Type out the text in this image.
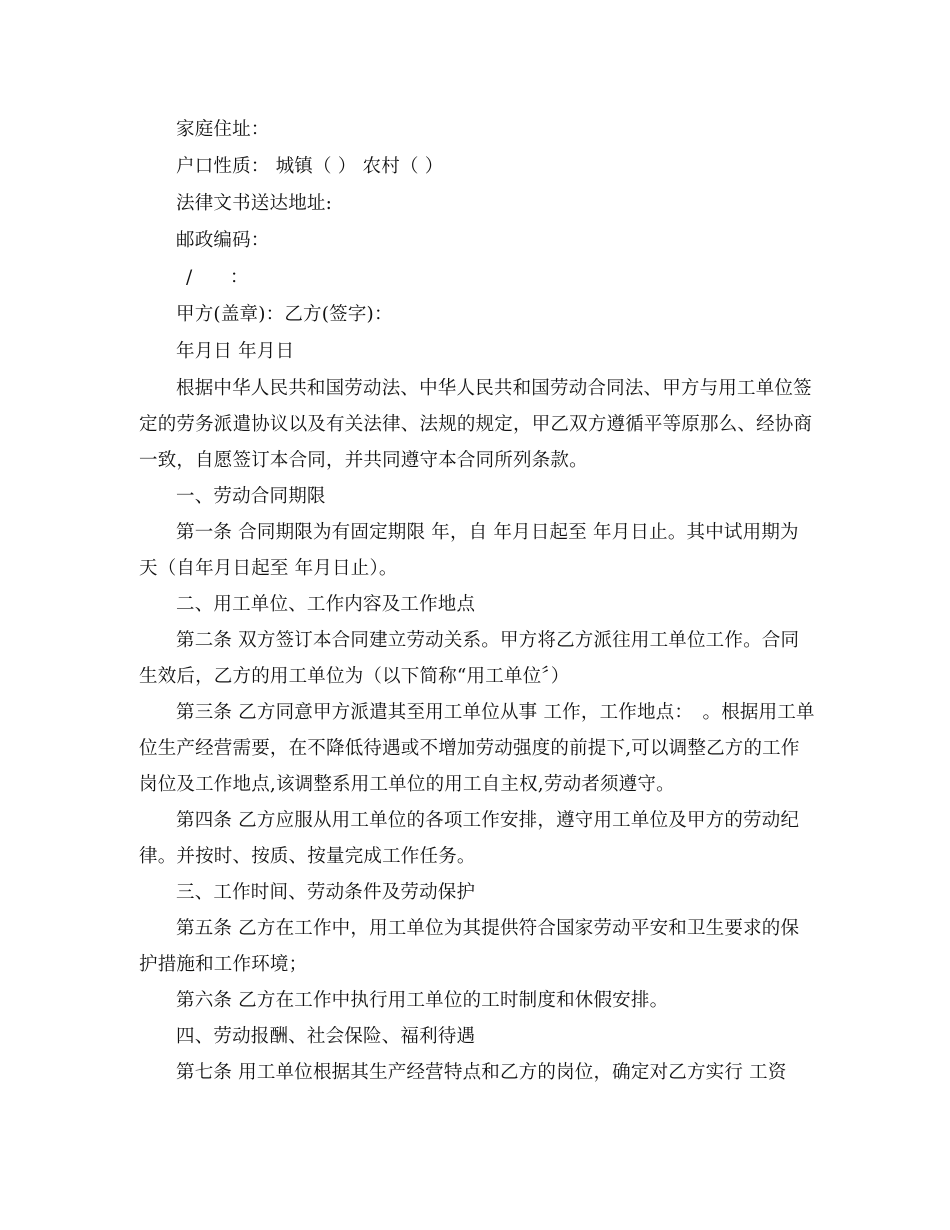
家庭住址：
户口性质： 城镇（ ） 农村（ ）
法律文书送达地址:
邮政编码：
/　　：
甲方(盖章)：乙方(签字)：
年月日 年月日
根据中华人民共和国劳动法、中华人民共和国劳动合同法、甲方与用工单位签
定的劳务派遣协议以及有关法律、法规的规定，甲乙双方遵循平等原那么、经协商
一致，自愿签订本合同，并共同遵守本合同所列条款。
一、劳动合同期限
第一条 合同期限为有固定期限 年，自 年月日起至 年月日止。其中试用期为
天（自年月日起至 年月日止）。
二、用工单位、工作内容及工作地点
第二条 双方签订本合同建立劳动关系。甲方将乙方派往用工单位工作。合同
生效后，乙方的用工单位为（以下简称“用工单位〞）
第三条 乙方同意甲方派遣其至用工单位从事 工作，工作地点：　。根据用工单
位生产经营需要，在不降低待遇或不增加劳动强度的前提下,可以调整乙方的工作
岗位及工作地点,该调整系用工单位的用工自主权,劳动者须遵守。
第四条 乙方应服从用工单位的各项工作安排，遵守用工单位及甲方的劳动纪
律。并按时、按质、按量完成工作任务。
三、工作时间、劳动条件及劳动保护
第五条 乙方在工作中，用工单位为其提供符合国家劳动平安和卫生要求的保
护措施和工作环境；
第六条 乙方在工作中执行用工单位的工时制度和休假安排。
四、劳动报酬、社会保险、福利待遇
第七条 用工单位根据其生产经营特点和乙方的岗位，确定对乙方实行 工资
